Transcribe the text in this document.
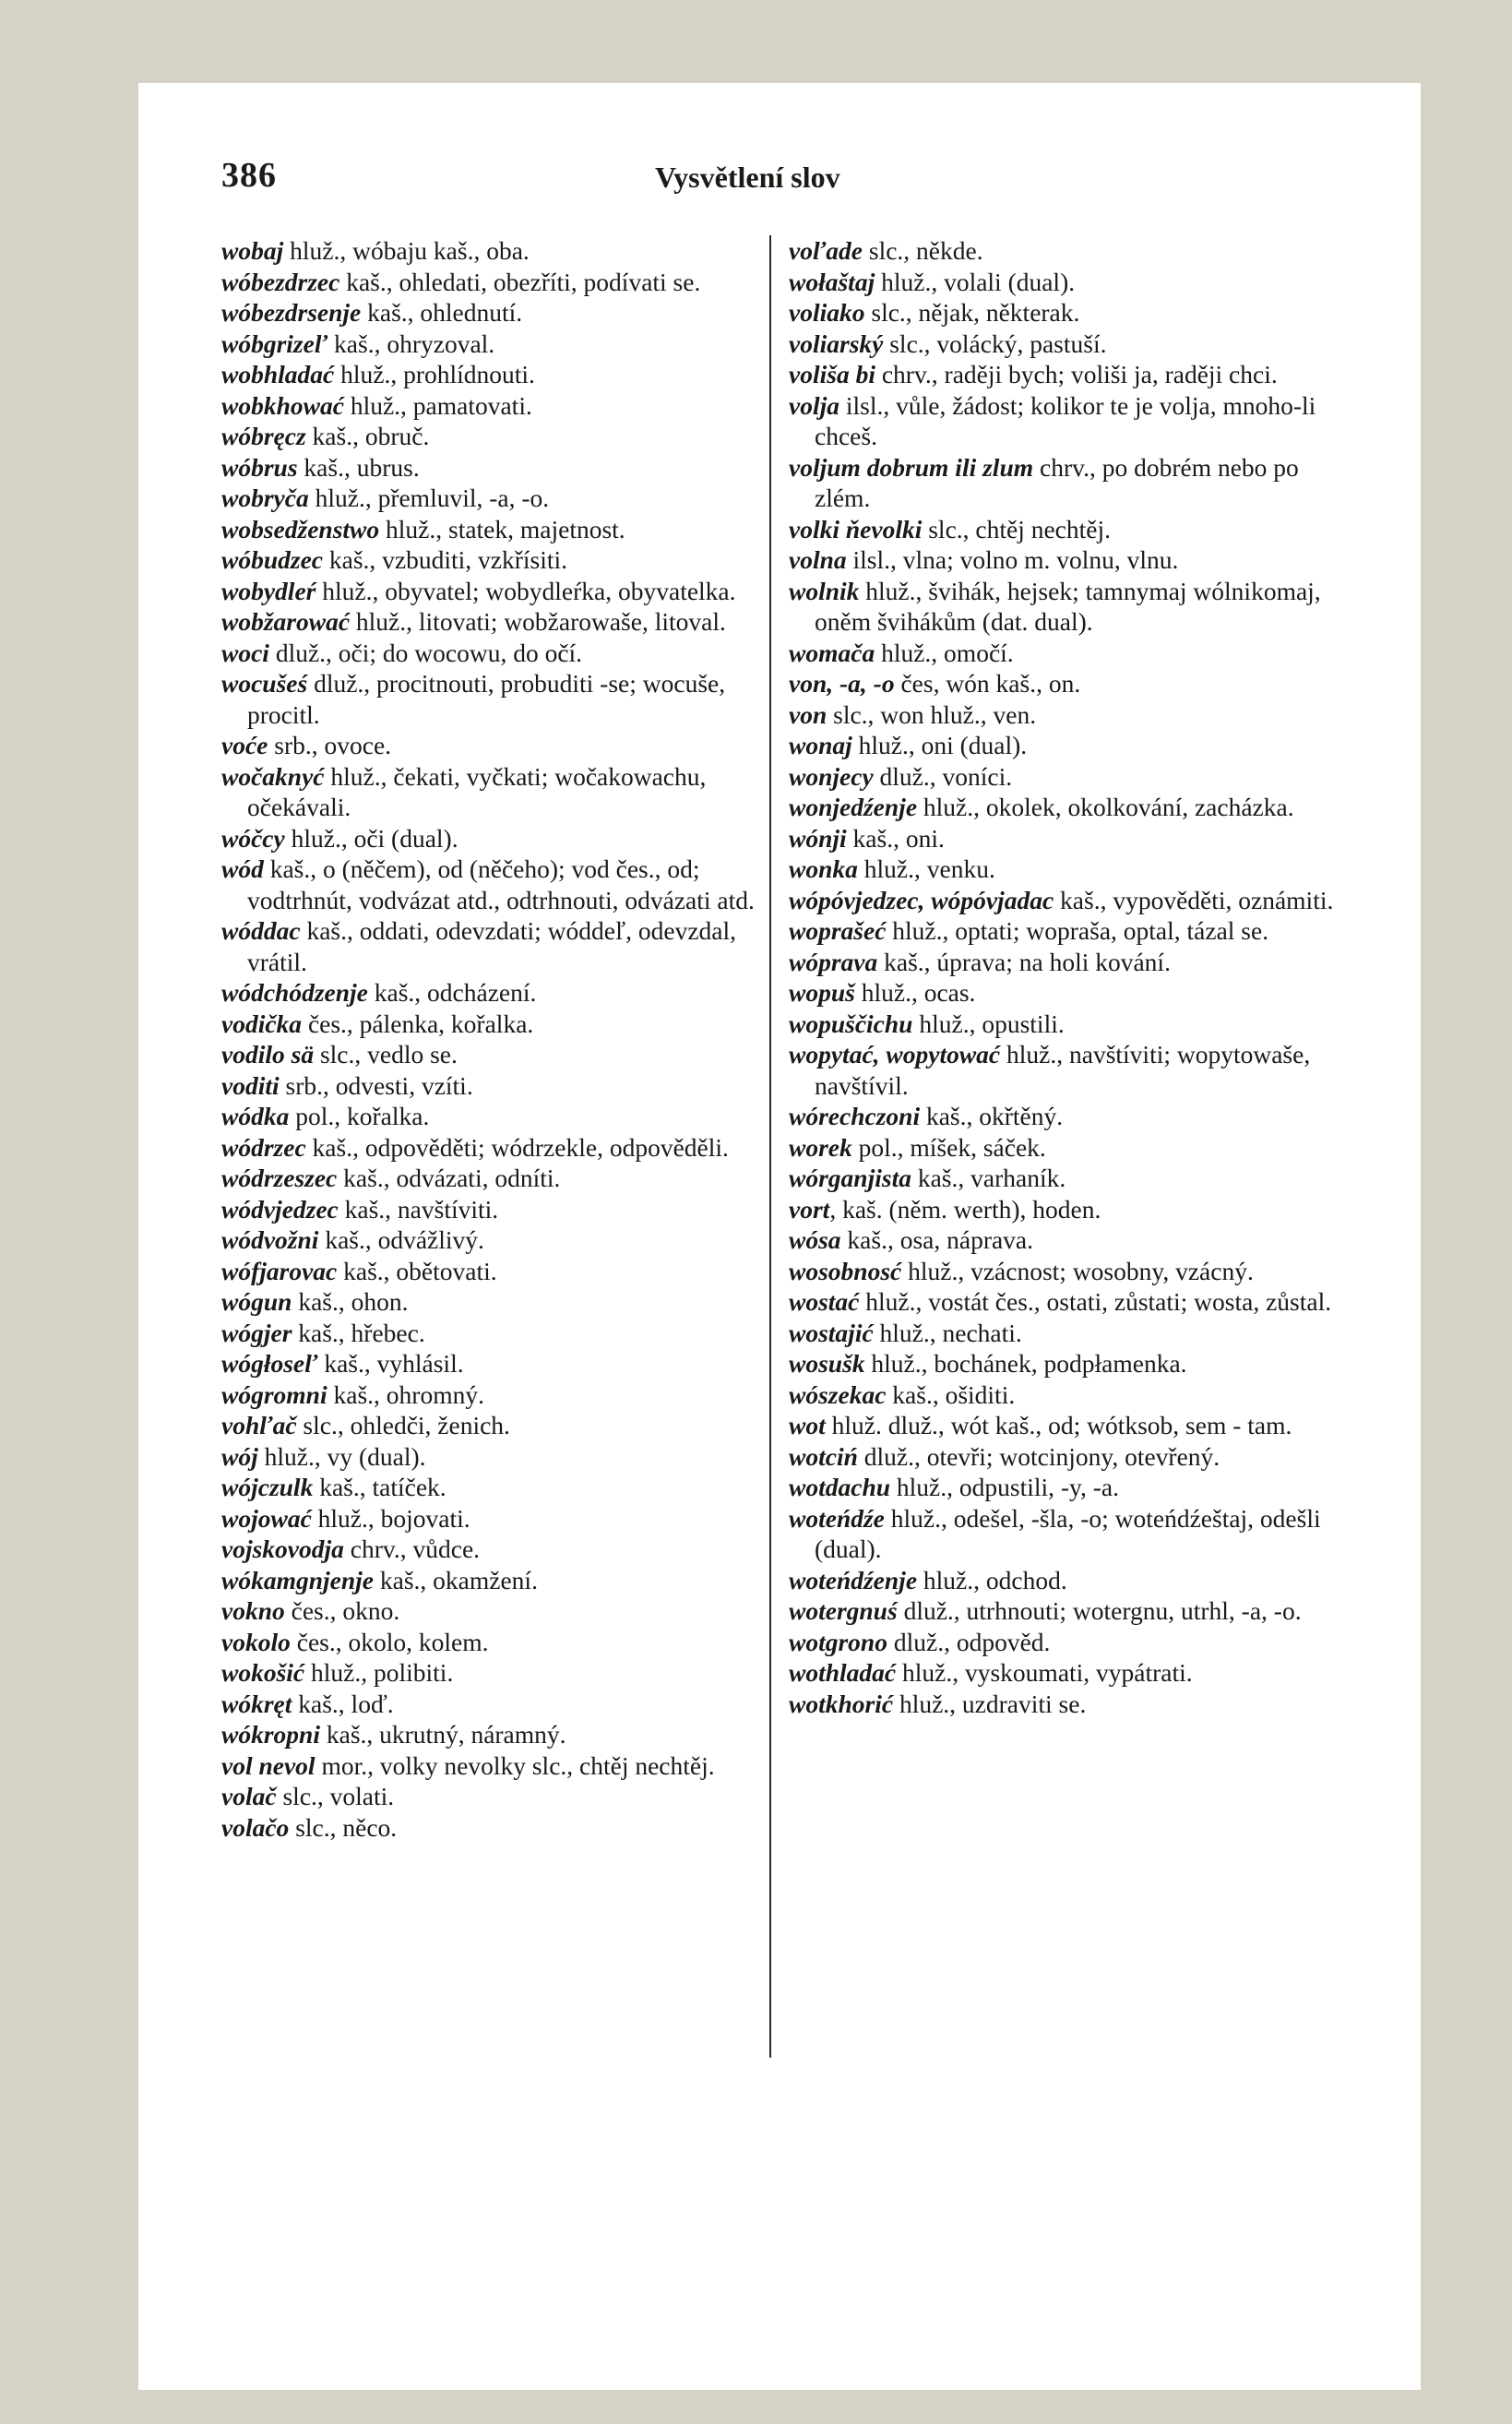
386	Vysvětlení slov

wobaj hluž., wóbaju kaš., oba.

wóbezdrzec kaš., ohledati, obezříti, podívati se.

wóbezdrsenje kaš., ohlednutí.

wóbgrizeľ kaš., ohryzoval.

wobhladać hluž., prohlídnouti.

wobkhować hluž., pamatovati.

wóbręcz kaš., obruč.

wóbrus kaš., ubrus.

wobryča hluž., přemluvil, -a, -o.

wobsedženstwo hluž., statek, majetnost.

wóbudzec kaš., vzbuditi, vzkřísiti.

wobydleŕ hluž., obyvatel; wobydleŕka, obyvatelka.

wobžarować hluž., litovati; wobžarowaše, litoval.

woci dluž., oči; do wocowu, do očí.

wocušeś dluž., procitnouti, probuditi -se; wocuše, procitl.

voće srb., ovoce.

wočaknyć hluž., čekati, vyčkati; wočakowachu, očekávali.

wóčcy hluž., oči (dual).

wód kaš., o (něčem), od (něčeho); vod čes., od; vodtrhnút, vodvázat atd., odtrhnouti, odvázati atd.

wóddac kaš., oddati, odevzdati; wóddeľ, odevzdal, vrátil.

wódchódzenje kaš., odcházení.

vodička čes., pálenka, kořalka.

vodilo sä slc., vedlo se.

voditi srb., odvesti, vzíti.

wódka pol., kořalka.

wódrzec kaš., odpověděti; wódrzekle, odpověděli.

wódrzeszec kaš., odvázati, odníti.

wódvjedzec kaš., navštíviti.

wódvožni kaš., odvážlivý.

wófjarovac kaš., obětovati.

wógun kaš., ohon.

wógjer kaš., hřebec.

wógłoseľ kaš., vyhlásil.

wógromni kaš., ohromný.

vohľač slc., ohledči, ženich.

wój hluž., vy (dual).

wójczulk kaš., tatíček.

wojować hluž., bojovati.

vojskovodja chrv., vůdce.

wókamgnjenje kaš., okamžení.

vokno čes., okno.

vokolo čes., okolo, kolem.

wokošić hluž., polibiti.

wókręt kaš., loď.

wókropni kaš., ukrutný, náramný.

vol nevol mor., volky nevolky slc., chtěj nechtěj.

volač slc., volati.

volačo slc., něco.

voľade slc., někde.

wołaštaj hluž., volali (dual).

voliako slc., nějak, některak.

voliarský slc., volácký, pastuší.

voliša bi chrv., raději bych; voliši ja, raději chci.

volja ilsl., vůle, žádost; kolikor te je volja, mnoho-li chceš.

voljum dobrum ili zlum chrv., po dobrém nebo po zlém.

volki ňevolki slc., chtěj nechtěj.

volna ilsl., vlna; volno m. volnu, vlnu.

wolnik hluž., švihák, hejsek; tamnymaj wólnikomaj, oněm švihákům (dat. dual).

womača hluž., omočí.

von, -a, -o čes, wón kaš., on.

von slc., won hluž., ven.

wonaj hluž., oni (dual).

wonjecy dluž., voníci.

wonjedźenje hluž., okolek, okolkování, zacházka.

wónji kaš., oni.

wonka hluž., venku.

wópóvjedzec, wópóvjadac kaš., vypověděti, oznámiti.

woprašeć hluž., optati; wopraša, optal, tázal se.

wóprava kaš., úprava; na holi kování.

wopuš hluž., ocas.

wopuščichu hluž., opustili.

wopytać, wopytować hluž., navštíviti; wopytowaše, navštívil.

wórechczoni kaš., okřtěný.

worek pol., míšek, sáček.

wórganjista kaš., varhaník.

vort, kaš. (něm. werth), hoden.

wósa kaš., osa, náprava.

wosobnosć hluž., vzácnost; wosobny, vzácný.

wostać hluž., vostát čes., ostati, zůstati; wosta, zůstal.

wostajić hluž., nechati.

wosušk hluž., bochánek, podpłamenka.

wószekac kaš., ošiditi.

wot hluž. dluž., wót kaš., od; wótksob, sem - tam.

wotciń dluž., otevři; wotcinjony, otevřený.

wotdachu hluž., odpustili, -y, -a.

woteńdźe hluž., odešel, -šla, -o; woteńdźeštaj, odešli (dual).

woteńdźenje hluž., odchod.

wotergnuś dluž., utrhnouti; wotergnu, utrhl, -a, -o.

wotgrono dluž., odpověd.

wothladać hluž., vyskoumati, vypátrati.

wotkhorić hluž., uzdraviti se.
